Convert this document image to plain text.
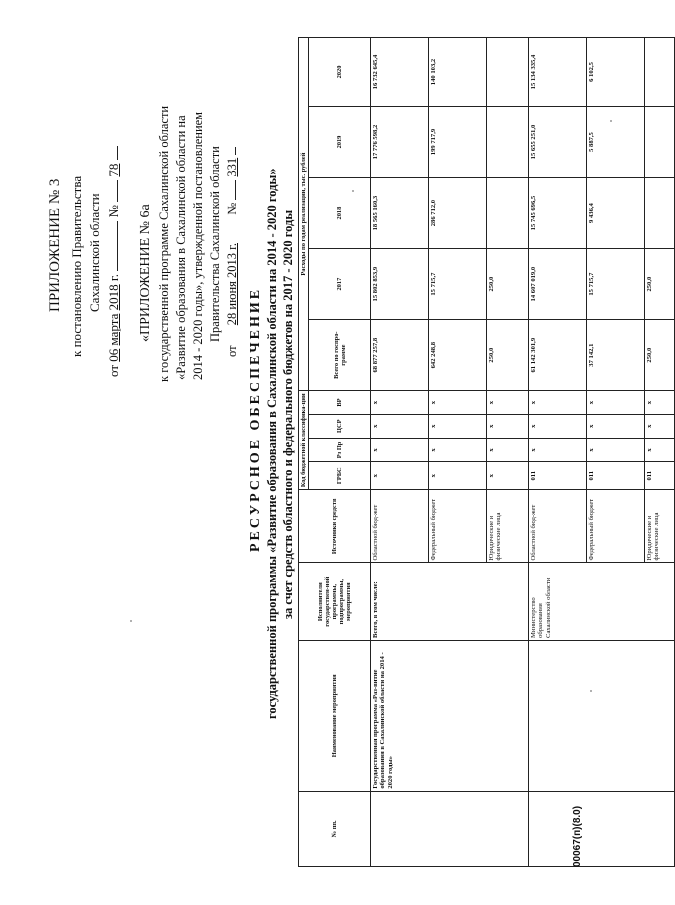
ПРИЛОЖЕНИЕ № 3 к постановлению Правительства Сахалинской области
от 06 марта 2018 г.  №  78
«ПРИЛОЖЕНИЕ № 6а к государственной программе Сахалинской области «Развитие образования в Сахалинской области на 2014 - 2020 годы», утвержденной постановлением Правительства Сахалинской области
от  28 июня 2013 г.  №  331
РЕСУРСНОЕ ОБЕСПЕЧЕНИЕ государственной программы «Развитие образования в Сахалинской области на 2014 - 2020 годы» за счет средств областного и федерального бюджетов на 2017 - 2020 годы
№ пп.	Наименование мероприятия	Исполнители государствен-ной программы, подпрограммы, мероприятия	Источники средств	Код бюджетной классифика-ции				Расходы по годам реализации, тыс. рублей				
				ГРБС	Рз Пр	ЦСР	ВР	Всего по госпро-грамме	2017	2018	2019	2020
	Государственная программа «Раз-витие образования в Сахалинской области на 2014 - 2020 годы»	Всего, в том числе:	Областной бюд-жет	x	x	x	x	68 877 257,8	15 802 853,9	18 565 160,3	17 776 598,2	16 732 645,4
			Федеральный бюджет	x	x	x	x	642 248,8	15 715,7	286 712,0	199 717,9	140 103,2
			Юридические и физические лица	x	x	x	x	250,0	250,0			
		Министерство образования Сахалинской области	Областной бюд-жет	011	x	x	x	61 142 301,9	14 607 019,0	15 745 696,5	15 655 251,0	15 134 335,4
			Федеральный бюджет	011	x	x	x	37 142,1	15 715,7	9 436,4	5 887,5	6 102,5
			Юридические и физические лица	011	x	x	x	250,0	250,0			
00067(п)(8.0)
